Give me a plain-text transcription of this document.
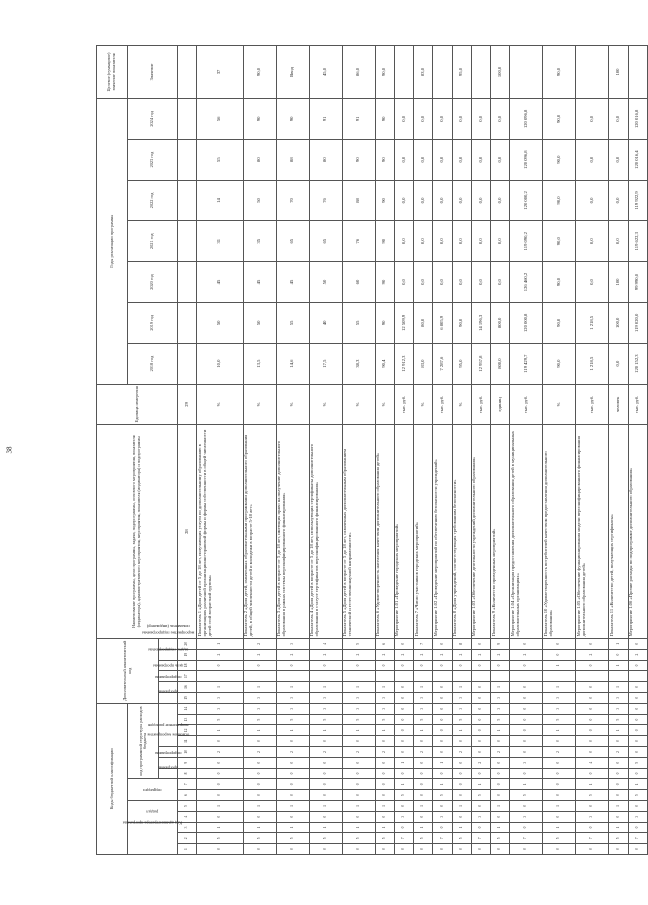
38
Коды бюджетной классификации														Дополнительный аналитический код						Наименование программы, цели программы, задачи, подпрограммы, основного мероприятия, показателя (индикатора), административного мероприятия, мероприятия, показателя (индикатора) и подпрограммы	Единица измерения	Годы реализации программы							Целевое (суммарное) значение показателя
Код администратора программы			раздел		подраздел		код программной структуры расходов бюджета															2018 год	2019 год	2020 год	2021 год	2022 год	2023 год	2024 год	Значение
							программа	подпрограмма	основное мероприятие	направление расходов				программа	подпрограмма	цель программы	задача подпрограммы	мероприятие подпрограммы	показатель (индикатор)										
1	2	3	4	5	6	7	8	9	10	11	12	13	14	15	16	17	18	19	20	28	29								
0	5	1	0	1	0	0	0	0	2	0	1	5	3	3	1		0	2	1	Показатель 1 «Доля детей от 5 до 18 лет, получающих услуги по дополнительному образованию в организациях различной организационно-правовой формы и формы собственности в общей численности детей этой возрастной группы»	%	10,0	50	45	31	14	55	56	37
0	5	1	0	1	0	0	0	0	2	0	1	5	3	3	1		0	2	2	Показатель 2 «Доля детей, охваченных образовательными программами дополнительного образования детей, в общей численности детей и молодежи в возрасте 5-18 лет»	%	13,5	50	45	35	50	80	90	90,0
0	5	1	0	1	0	0	0	0	2	0	1	5	3	3	1		0	2	3	Показатель 3 «Доля детей в возрасте от 5 до 18 лет, имеющих право на получение дополнительного образования в рамках системы персонифицированного финансирования»	%	14,6	55	45	65	70	88	90	Ввод
0	5	1	0	1	0	0	0	0	2	0	1	5	3	3	1		0	2	4	Показатель 4 «Доля детей в возрасте от 5 до 18 лет, использующих сертификаты дополнительного образования в статусе сертификатов персонифицированного финансирования»	%	17,5	40	50	65	76	80	91	45,0
0	5	1	0	1	0	0	0	0	2	0	1	5	3	3	1		0	2	5	Показатель 5 «Доля детей в возрасте от 5 до 18 лет, охваченных дополнительным образованием технической и естественнонаучной направленности»	%	38,3	55	60	76	88	90	91	86,0
0	5	1	0	1	0	0	0	0	2	0	1	5	3	3	1		0	2	6	Показатель 6 «Удовлетворенность населения качеством дополнительного образования детей»	%	90,4	90	90	90	90	90	90	90,0
0	7	0	3	0	5	1	0	1	0	0	0	0	0	0	0		0	2	0	Мероприятие 1.01 «Проведение городских мероприятий»	тыс. руб.	12 912,3	12 509,9	0,0	0,0	0,0	0,0	0,0	
0	5	1	0	1	0	0	0	0	2	0	1	5	3	3	1		0	2	7	Показатель 7 «Число участников городских мероприятий»	%	83,0	80,0	0,0	0,0	0,0	0,0	0,0	83,0
0	7	0	3	0	5	1	0	1	0	0	0	0	0	0	0		0	2	0	Мероприятие 1.02 «Проведение мероприятий по обеспечению безопасности учреждений»	тыс. руб.	7 287,6	6 805,9	0,0	0,0	0,0	0,0	0,0	
0	5	1	0	1	0	0	0	0	2	0	1	5	3	3	1		0	2	8	Показатель 8 «Доля учреждений, соответствующих требованиям безопасности»	%	95,0	90,0	0,0	0,0	0,0	0,0	0,0	95,0
0	7	0	3	0	5	1	0	2	0	0	0	0	0	0	0		0	2	0	Мероприятие 1.03 «Обеспечение деятельности учреждений дополнительного образования»	тыс. руб.	12 957,8	14 196,3	0,0	0,0	0,0	0,0	0,0	
0	5	1	0	1	0	0	0	0	2	0	1	5	3	3	1		0	2	9	Показатель 9 «Количество проведенных мероприятий»	единиц	800,0	800,0	0,0	0,0	0,0	0,0	0,0	100,0
0	7	0	3	0	5	1	0	3	0	0	0	0	0	0	0		0	2	0	Мероприятие 1.04 «Организация предоставления дополнительного образования детей в муниципальных образовательных организациях»	тыс. руб.	119 429,7	120 000,8	126 460,2	119 090,2	120 000,2	120 096,8	120 096,8	
0	5	1	0	1	0	0	0	0	2	0	1	5	3	3	1		1	0	0	Показатель 10 «Удовлетворенность потребителей качеством предоставления дополнительного образования»	%	90,0	90,0	90,0	90,0	90,0	90,0	90,0	90,0
0	7	0	3	0	5	1	0	4	0	0	0	0	0	0	0		0	2	0	Мероприятие 1.05 «Обеспечение функционирования модели персонифицированного финансирования дополнительного образования детей»	тыс. руб.	1 218,5	1 218,5	0,0	0,0	0,0	0,0	0,0	
0	5	1	0	1	0	0	0	0	2	0	1	5	3	3	1		1	0	1	Показатель 11 «Количество детей, получающих сертификаты»	человек	0,0	100,0	100	0,0	0,0	0,0	0,0	100
0	7	0	3	0	5	1	0	5	0	0	0	0	0	0	0		0	2	0	Мероприятие 1.06 «Прочие расходы по подпрограмме дополнительного образования»	тыс. руб.	120 152,3	119 020,0	99 990,0	119 622,3	119 922,9	120 016,4	120 016,8	
